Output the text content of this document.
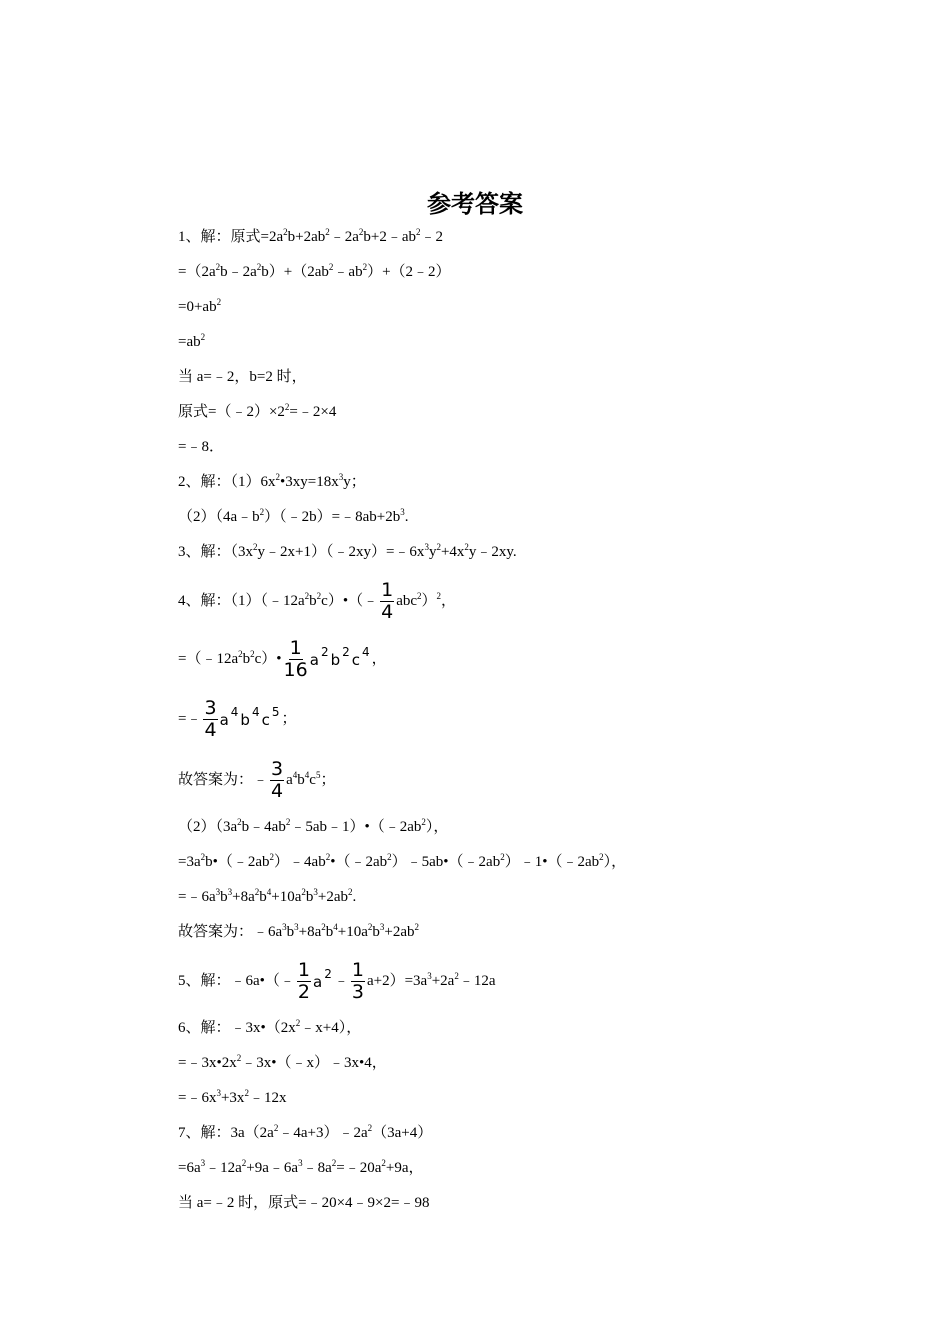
参考答案
1、解：原式$=2a^2b+2ab^2﹣2a^2b+2﹣ab^2﹣2$
$=(2a^2b﹣2a^2b)+(2ab^2﹣ab^2)+(2﹣2)$
$=0+ab^2$
$=ab^2$
当 a=﹣2，b=2 时，
原式$=(﹣2)\times 2^2=﹣2\times 4$
=﹣8．
2、解：$(1)6x^2•3xy=18x^3y$；
$(2)(4a﹣b^2)(﹣2b)=﹣8ab+2b^3$.
3、解：$(3x^2y﹣2x+1)(﹣2xy)=﹣6x^3y^2+4x^2y﹣2xy$.
4、解：$(1)(﹣12a^2b^2c)•(﹣ \frac{1}{4} abc^2)^2$，
$=(﹣12a^2b^2c)• \frac{1}{16} a^2b^2c^4$，
=﹣ $\frac{3}{4} a^4b^4c^5$；
故答案为：﹣ $\frac{3}{4} a^4b^4c^5$；
$(2)(3a^2b﹣4ab^2﹣5ab﹣1)•(﹣2ab^2)$，
$=3a^2b•(﹣2ab^2)﹣4ab^2•(﹣2ab^2)﹣5ab•(﹣2ab^2)﹣1•(﹣2ab^2)$，
$=﹣6a^3b^3+8a^2b^4+10a^2b^3+2ab^2$.
故答案为：$﹣6a^3b^3+8a^2b^4+10a^2b^3+2ab^2$
5、解：﹣6a•（﹣ $\frac{1}{2}$ $a^2﹣ \frac{1}{3}$ $a+2)=3a^3+2a^2﹣12a$
6、解：$﹣3x•(2x^2﹣x+4)$，
$=﹣3x•2x^2﹣3x•(﹣x)﹣3x•4$，
$=﹣6x^3+3x^2﹣12x$
7、解：$3a(2a^2﹣4a+3)﹣2a^2(3a+4)$
$=6a^3﹣12a^2+9a﹣6a^3﹣8a^2=﹣20a^2+9a$，
当 a=﹣2 时，原式=﹣20×4﹣9×2=﹣98
